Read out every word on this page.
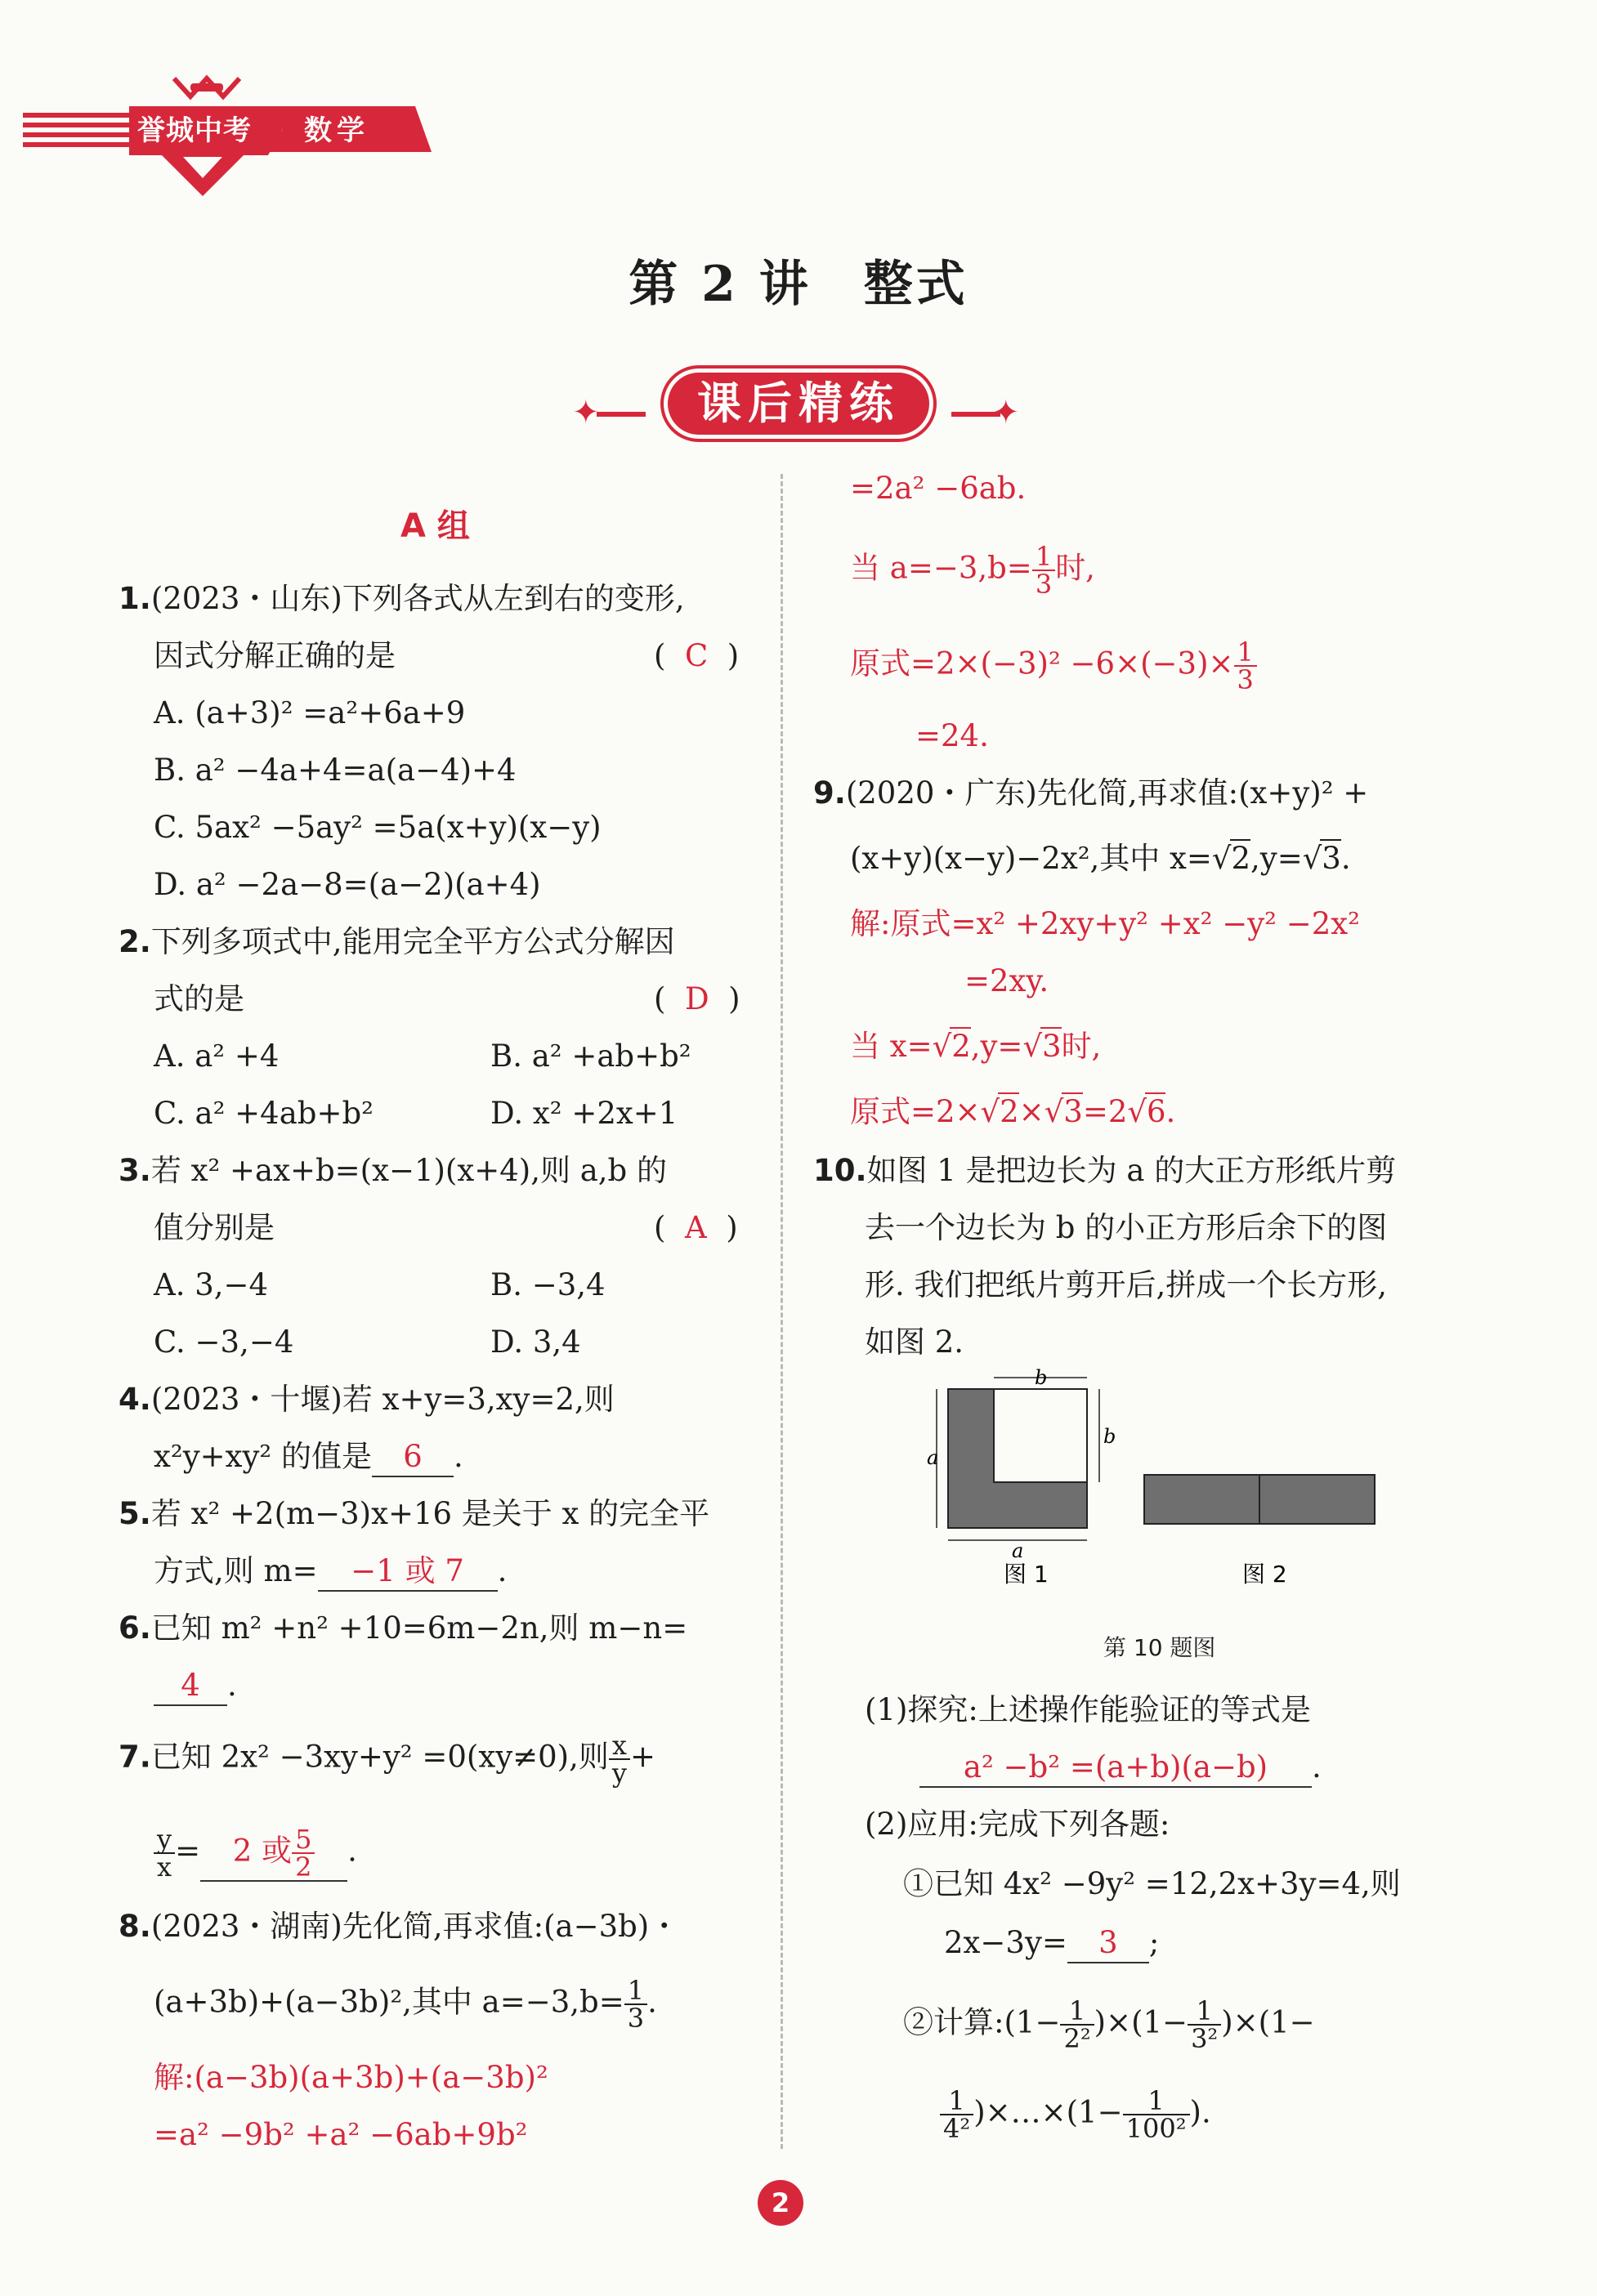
誉城中考	数学
第 2 讲　整式
✦	✦
课后精练
A 组
1.(2023・山东)下列各式从左到右的变形,
因式分解正确的是	(  C  )
A. (a+3)² =a²+6a+9
B. a² −4a+4=a(a−4)+4
C. 5ax² −5ay² =5a(x+y)(x−y)
D. a² −2a−8=(a−2)(a+4)
2.下列多项式中,能用完全平方公式分解因
式的是	(  D  )
A. a² +4	B. a² +ab+b²
C. a² +4ab+b²	D. x² +2x+1
3.若 x² +ax+b=(x−1)(x+4),则 a,b 的
值分别是	(  A  )
A. 3,−4	B. −3,4
C. −3,−4	D. 3,4
4.(2023・十堰)若 x+y=3,xy=2,则
x²y+xy² 的值是 6 .
5.若 x² +2(m−3)x+16 是关于 x 的完全平
方式,则 m= −1 或 7 .
6.已知 m² +n² +10=6m−2n,则 m−n=
4 .
7.已知 2x² −3xy+y² =0(xy≠0),则 $\frac{x}{y}$ +
$\frac{y}{x} = 2$ 或 $\frac{5}{2}$ .
8.(2023・湖南)先化简,再求值:(a−3b)・
(a+3b)+(a−3b)²,其中 $a=-3,b= \frac{1}{3}$ .
解:(a−3b)(a+3b)+(a−3b)²
=a² −9b² +a² −6ab+9b²
=2a² −6ab.
当 $a=-3,b= \frac{1}{3}$ 时,
原式$=2\times(-3)^2 -6\times(-3)\times \frac{1}{3}$
=24.
9.(2020・广东)先化简,再求值:(x+y)² +
(x+y)(x−y)−2x²,其中 x=√2,y=√3.
解:原式=x² +2xy+y² +x² −y² −2x²
=2xy.
当 x=√2,y=√3时,
原式=2×√2×√3=2√6.
10.如图 1 是把边长为 a 的大正方形纸片剪
去一个边长为 b 的小正方形后余下的图
形. 我们把纸片剪开后,拼成一个长方形,
如图 2.
a
a
b
b
图 1	图 2
第 10 题图
(1)探究:上述操作能验证的等式是
a² −b² =(a+b)(a−b) .
(2)应用:完成下列各题:
①已知 4x² −9y² =12,2x+3y=4,则
2x−3y= 3 ;
②计算:(1− $\frac{1}{\text{2²}} )\times(1- \frac{1}{\text{3²}} )\times(1-$
$\frac{1}{\text{4²}}$ )×…×(1− $\frac{1}{\text{100²}}$ ).
2
